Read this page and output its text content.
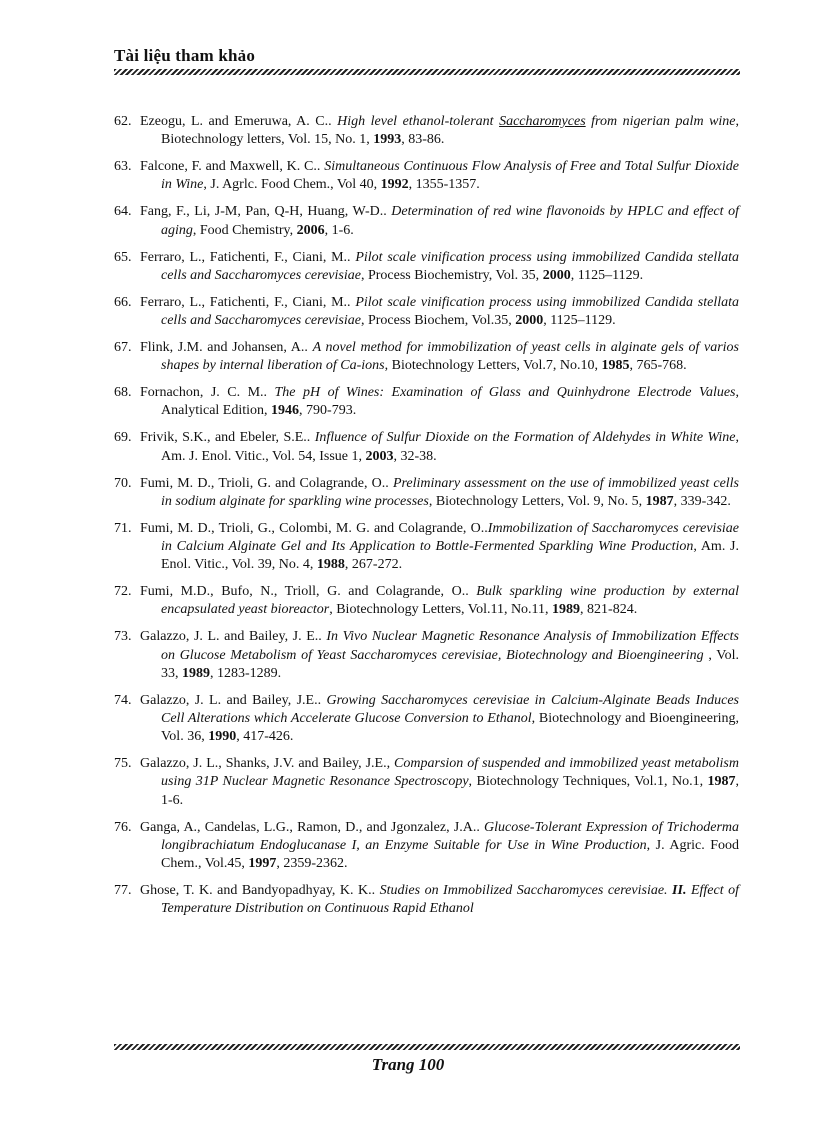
Tài liệu tham khảo
62. Ezeogu, L. and Emeruwa, A. C.. High level ethanol-tolerant Saccharomyces from nigerian palm wine, Biotechnology letters, Vol. 15, No. 1, 1993, 83-86.
63. Falcone, F. and Maxwell, K. C.. Simultaneous Continuous Flow Analysis of Free and Total Sulfur Dioxide in Wine, J. Agrlc. Food Chem., Vol 40, 1992, 1355-1357.
64. Fang, F., Li, J-M, Pan, Q-H, Huang, W-D.. Determination of red wine flavonoids by HPLC and effect of aging, Food Chemistry, 2006, 1-6.
65. Ferraro, L., Fatichenti, F., Ciani, M.. Pilot scale vinification process using immobilized Candida stellata cells and Saccharomyces cerevisiae, Process Biochemistry, Vol. 35, 2000, 1125–1129.
66. Ferraro, L., Fatichenti, F., Ciani, M.. Pilot scale vinification process using immobilized Candida stellata cells and Saccharomyces cerevisiae, Process Biochem, Vol.35, 2000, 1125–1129.
67. Flink, J.M. and Johansen, A.. A novel method for immobilization of yeast cells in alginate gels of varios shapes by internal liberation of Ca-ions, Biotechnology Letters, Vol.7, No.10, 1985, 765-768.
68. Fornachon, J. C. M.. The pH of Wines: Examination of Glass and Quinhydrone Electrode Values, Analytical Edition, 1946, 790-793.
69. Frivik, S.K., and Ebeler, S.E.. Influence of Sulfur Dioxide on the Formation of Aldehydes in White Wine, Am. J. Enol. Vitic., Vol. 54, Issue 1, 2003, 32-38.
70. Fumi, M. D., Trioli, G. and Colagrande, O.. Preliminary assessment on the use of immobilized yeast cells in sodium alginate for sparkling wine processes, Biotechnology Letters, Vol. 9, No. 5, 1987, 339-342.
71. Fumi, M. D., Trioli, G., Colombi, M. G. and Colagrande, O..Immobilization of Saccharomyces cerevisiae in Calcium Alginate Gel and Its Application to Bottle-Fermented Sparkling Wine Production, Am. J. Enol. Vitic., Vol. 39, No. 4, 1988, 267-272.
72. Fumi, M.D., Bufo, N., Trioll, G. and Colagrande, O.. Bulk sparkling wine production by external encapsulated yeast bioreactor, Biotechnology Letters, Vol.11, No.11, 1989, 821-824.
73. Galazzo, J. L. and Bailey, J. E.. In Vivo Nuclear Magnetic Resonance Analysis of Immobilization Effects on Glucose Metabolism of Yeast Saccharomyces cerevisiae, Biotechnology and Bioengineering , Vol. 33, 1989, 1283-1289.
74. Galazzo, J. L. and Bailey, J.E.. Growing Saccharomyces cerevisiae in Calcium-Alginate Beads Induces Cell Alterations which Accelerate Glucose Conversion to Ethanol, Biotechnology and Bioengineering, Vol. 36, 1990, 417-426.
75. Galazzo, J. L., Shanks, J.V. and Bailey, J.E., Comparsion of suspended and immobilized yeast metabolism using 31P Nuclear Magnetic Resonance Spectroscopy, Biotechnology Techniques, Vol.1, No.1, 1987, 1-6.
76. Ganga, A., Candelas, L.G., Ramon, D., and Jgonzalez, J.A.. Glucose-Tolerant Expression of Trichoderma longibrachiatum Endoglucanase I, an Enzyme Suitable for Use in Wine Production, J. Agric. Food Chem., Vol.45, 1997, 2359-2362.
77. Ghose, T. K. and Bandyopadhyay, K. K.. Studies on Immobilized Saccharomyces cerevisiae. II. Effect of Temperature Distribution on Continuous Rapid Ethanol
Trang 100
